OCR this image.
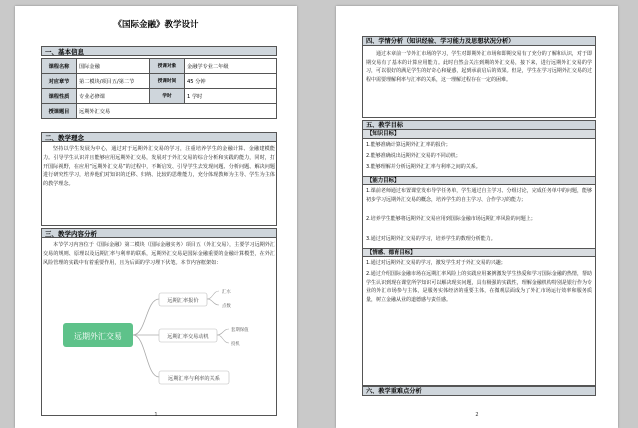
《国际金融》教学设计
一、基本信息
课程名称	国际金融	授课对象	金融学专业二年级
对应章节	第二模块/项目五/第二节	授课时间	45 分钟
课程性质	专业必修课	学时	1 学时
授课题目	远期外汇交易		
二、教学理念
坚持以学生发展为中心，通过对于远期外汇交易的学习，注重培养学生的金融计算、金融建模能力。引导学生认识并且能够应用远期外汇交易，发展对于外汇交易的综合分析和实践的能力，同时，打开国际视野，在应用“远期外汇交易”的过程中，不断启发、引导学生去发现问题、分析问题、解决问题进行研究性学习，培养他们对知识的迁移、归纳、比较的思维能力，充分体现教师为主导、学生为主体的教学理念。
三、教学内容分析
本节学习内容位于《国际金融》第二模块（国际金融实务）项目五（外汇交易），主要学习远期外汇交易的规则、原理以及远期汇率与利率的联系，远期外汇交易是国际金融重要的金融计算模型，在外汇风险管理的实践中有着重要作用，且为后面的学习埋下伏笔。本节内容框架如：
远期外汇交易
远期汇率报价
汇水
点数
远期汇率交易动机
套期保值
投机
远期汇率与利率的关系
1
四、学情分析（知识经验、学习能力及思想状况分析）
通过本章前一节外汇市场的学习，学生对即期外汇市场和即期交易有了充分的了解和认识，对于即期交易有了基本的计算应用能力。此时自然会关注到期的外汇交易，接下来，进行远期外汇交易的学习，可以很好的满足学生的好奇心和疑惑，起到承前启后的效果。但是，学生在学习远期外汇交易的过程中需要理解利率与汇率的关系，这一理解过程存在一定的困难。
五、教学目标
【知识目标】
1.能够准确计算远期外汇汇率的报价；
2.能够准确说出远期外汇交易的不同动机；
3.能够理解并分析远期外汇汇率与利率之间的关系。
【能力目标】
1.课前老师通过布置课堂发布导学任务单，学生通过自主学习、分组讨论，完成任务单中的问题，能够初步学习远期外汇交易的概念，培养学生的自主学习、合作学习的能力；
2.培养学生能够将远期外汇交易应用到国际金融市场远期汇率风险的问题上；
3.通过对远期外汇交易的学习，培养学生的数理分析能力。
【情感、德育目标】
1.通过对远期外汇交易的学习，激发学生对于外汇交易的兴趣；
2.通过介绍国际金融市场在远期汇率风险上的实践应用案例激发学生热爱和学习国际金融的热情，帮助学生认识到现在课堂所学知识可以解决现实问题，具有极强的实践性，理解金融机构特别是银行作为专业的外汇市场参与主体，是服务实体经济的重要主体，在微观层面成为了外汇市场运行效率和服务质量，树立金融从业的道德感与责任感。
六、教学重难点分析
2
